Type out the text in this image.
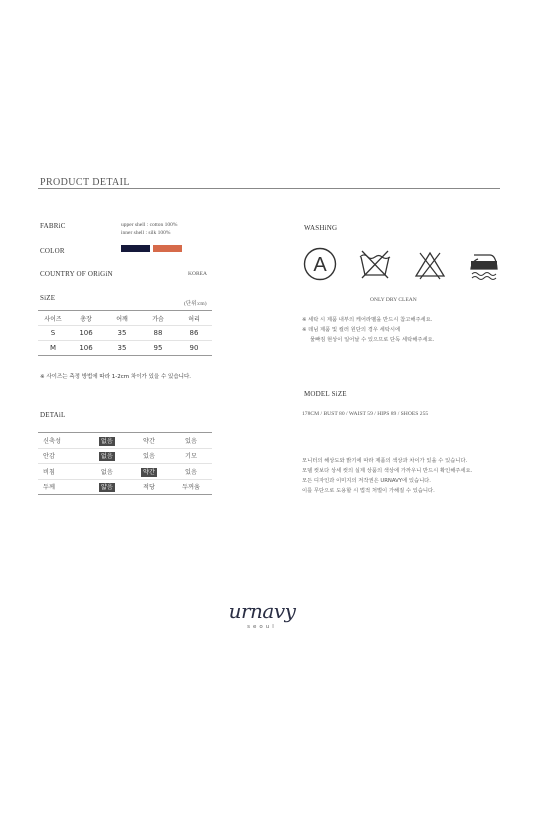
PRODUCT DETAIL
FABRiC	upper shell : cotton 100%
inner shell : silk 100%
COLOR
COUNTRY OF ORiGiN	KOREA
SiZE
(단위:cm)
사이즈	총장	어깨	가슴	허리
S	106	35	88	86
M	106	35	95	90
※ 사이즈는 측정 방법에 따라 1-2cm 차이가 있을 수 있습니다.
DETAiL
신축성	없음	약간	있음
안감	없음	있음	기모
비침	없음	약간	있음
두께	얇음	적당	두꺼움
WASHiNG
A
ONLY DRY CLEAN
※ 세탁 시 제품 내부의 케어라벨을 반드시 참고해주세요.
※ 데님 제품 및 컬러 원단의 경우 세탁시에
물빠짐 현상이 일어날 수 있으므로 단독 세탁해주세요.
MODEL SiZE
178CM / BUST 80 / WAIST 59 / HIPS 89 / SHOES 255
모니터의 해상도와 밝기에 따라 제품의 색상과 차이가 있을 수 있습니다.
모델 컷보다 상세 컷의 실제 상품의 색상에 가까우니 반드시 확인해주세요.
모든 디자인과 이미지의 저작권은 URNAVY에 있습니다.
이를 무단으로 도용할 시 법적 처벌이 가해질 수 있습니다.
urnavy
seoul
